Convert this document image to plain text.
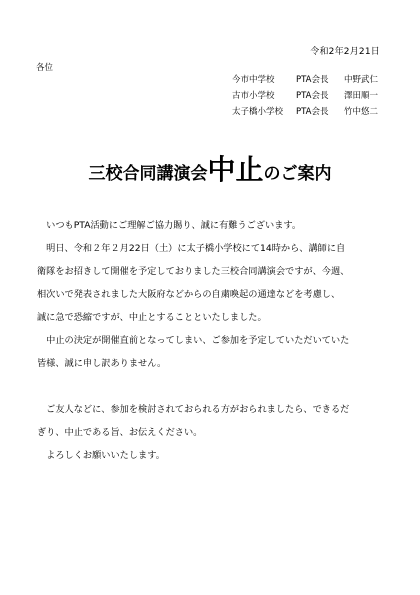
令和2年2月21日
各位
今市中学校	PTA会長	中野武仁
古市小学校	PTA会長	澤田順一
太子橋小学校	PTA会長	竹中悠二
三校合同講演会中止のご案内

　いつもPTA活動にご理解ご協力賜り、誠に有難うございます。

　明日、令和２年２月22日（土）に太子橋小学校にて14時から、講師に自
衛隊をお招きして開催を予定しておりました三校合同講演会ですが、今週、
相次いで発表されました大阪府などからの自粛喚起の通達などを考慮し、
誠に急で恐縮ですが、中止とすることといたしました。

　中止の決定が開催直前となってしまい、ご参加を予定していただいていた
皆様、誠に申し訳ありません。

　ご友人などに、参加を検討されておられる方がおられましたら、できるだ
ぎり、中止である旨、お伝えください。

　よろしくお願いいたします。
